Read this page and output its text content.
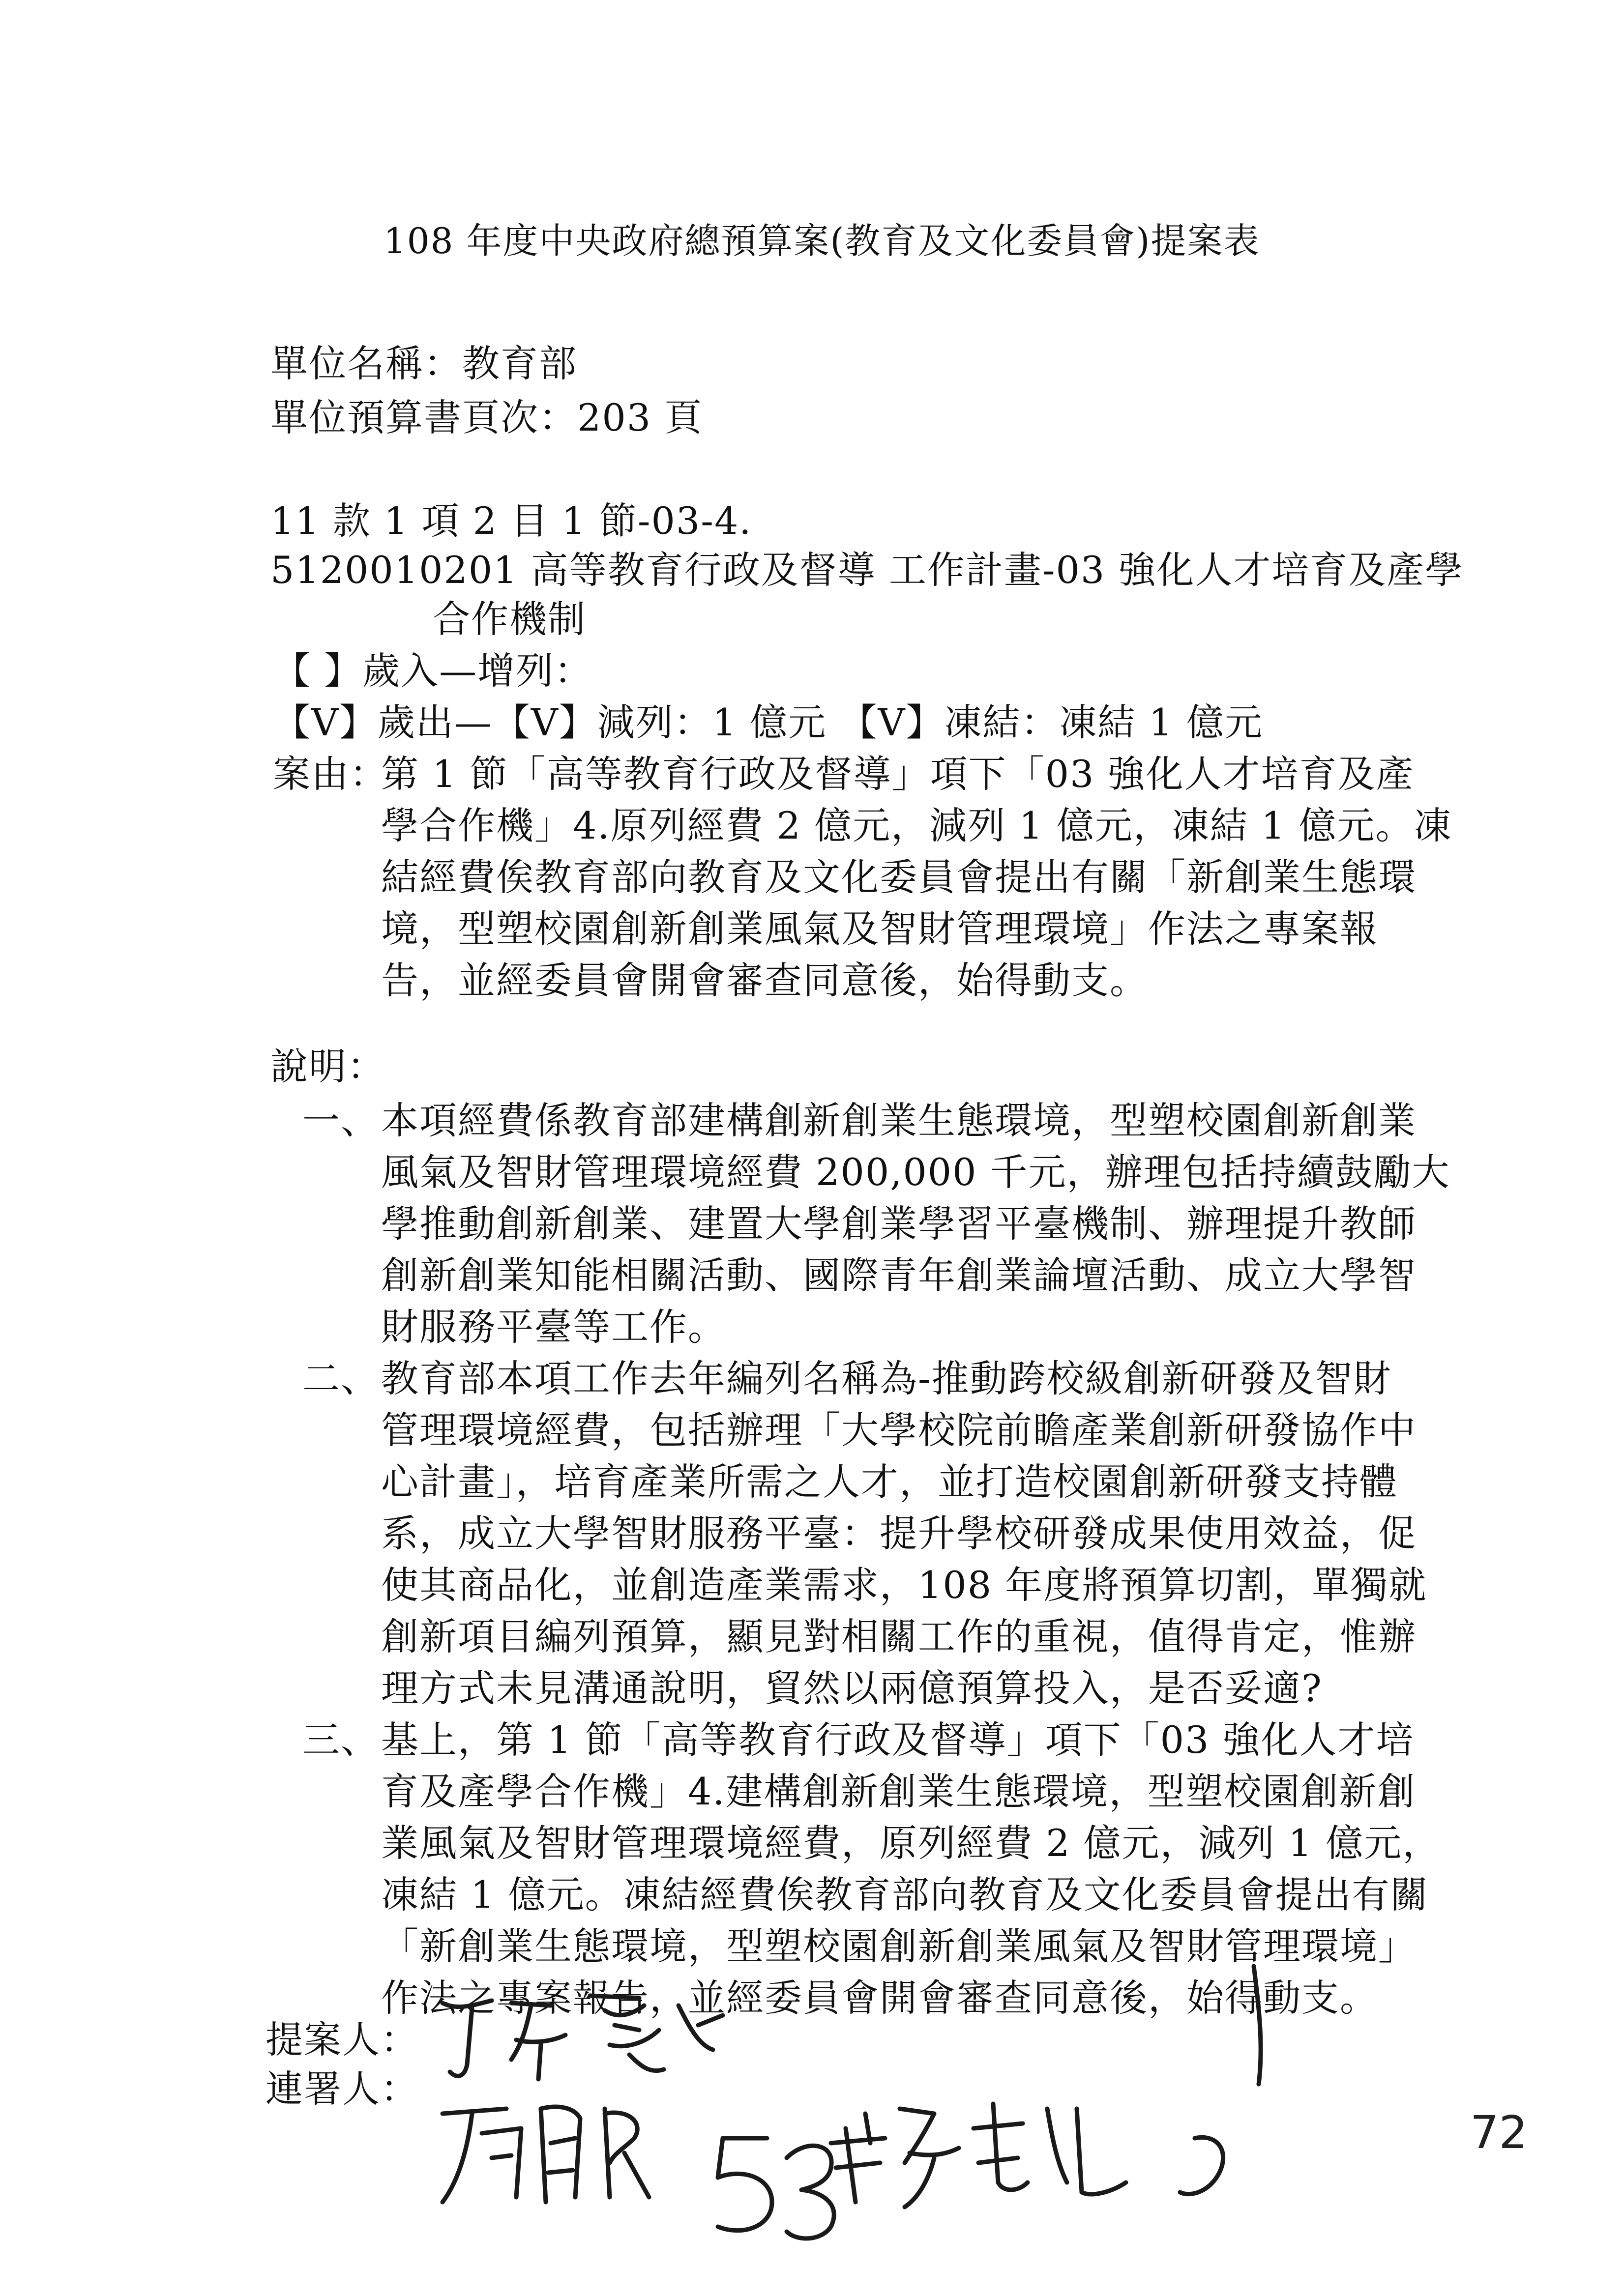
108 年度中央政府總預算案(教育及文化委員會)提案表
單位名稱：教育部
單位預算書頁次：203 頁
11 款 1 項 2 目 1 節-03-4.
5120010201 高等教育行政及督導 工作計畫-03 強化人才培育及產學
合作機制
【 】歲入—增列：
【V】歲出—【V】減列：1 億元 【V】凍結：凍結 1 億元
案由：
第 1 節「高等教育行政及督導」項下「03 強化人才培育及產
學合作機」4.原列經費 2 億元，減列 1 億元，凍結 1 億元。凍
結經費俟教育部向教育及文化委員會提出有關「新創業生態環
境，型塑校園創新創業風氣及智財管理環境」作法之專案報
告，並經委員會開會審查同意後，始得動支。
說明：
一、 本項經費係教育部建構創新創業生態環境，型塑校園創新創業
風氣及智財管理環境經費 200,000 千元，辦理包括持續鼓勵大
學推動創新創業、建置大學創業學習平臺機制、辦理提升教師
創新創業知能相關活動、國際青年創業論壇活動、成立大學智
財服務平臺等工作。
二、 教育部本項工作去年編列名稱為-推動跨校級創新研發及智財
管理環境經費，包括辦理「大學校院前瞻產業創新研發協作中
心計畫」，培育產業所需之人才，並打造校園創新研發支持體
系，成立大學智財服務平臺：提升學校研發成果使用效益，促
使其商品化，並創造產業需求，108 年度將預算切割，單獨就
創新項目編列預算，顯見對相關工作的重視，值得肯定，惟辦
理方式未見溝通說明，貿然以兩億預算投入，是否妥適?
三、 基上，第 1 節「高等教育行政及督導」項下「03 強化人才培
育及產學合作機」4.建構創新創業生態環境，型塑校園創新創
業風氣及智財管理環境經費，原列經費 2 億元，減列 1 億元，
凍結 1 億元。凍結經費俟教育部向教育及文化委員會提出有關
「新創業生態環境，型塑校園創新創業風氣及智財管理環境」
作法之專案報告，並經委員會開會審查同意後，始得動支。
提案人：
連署人：
72
